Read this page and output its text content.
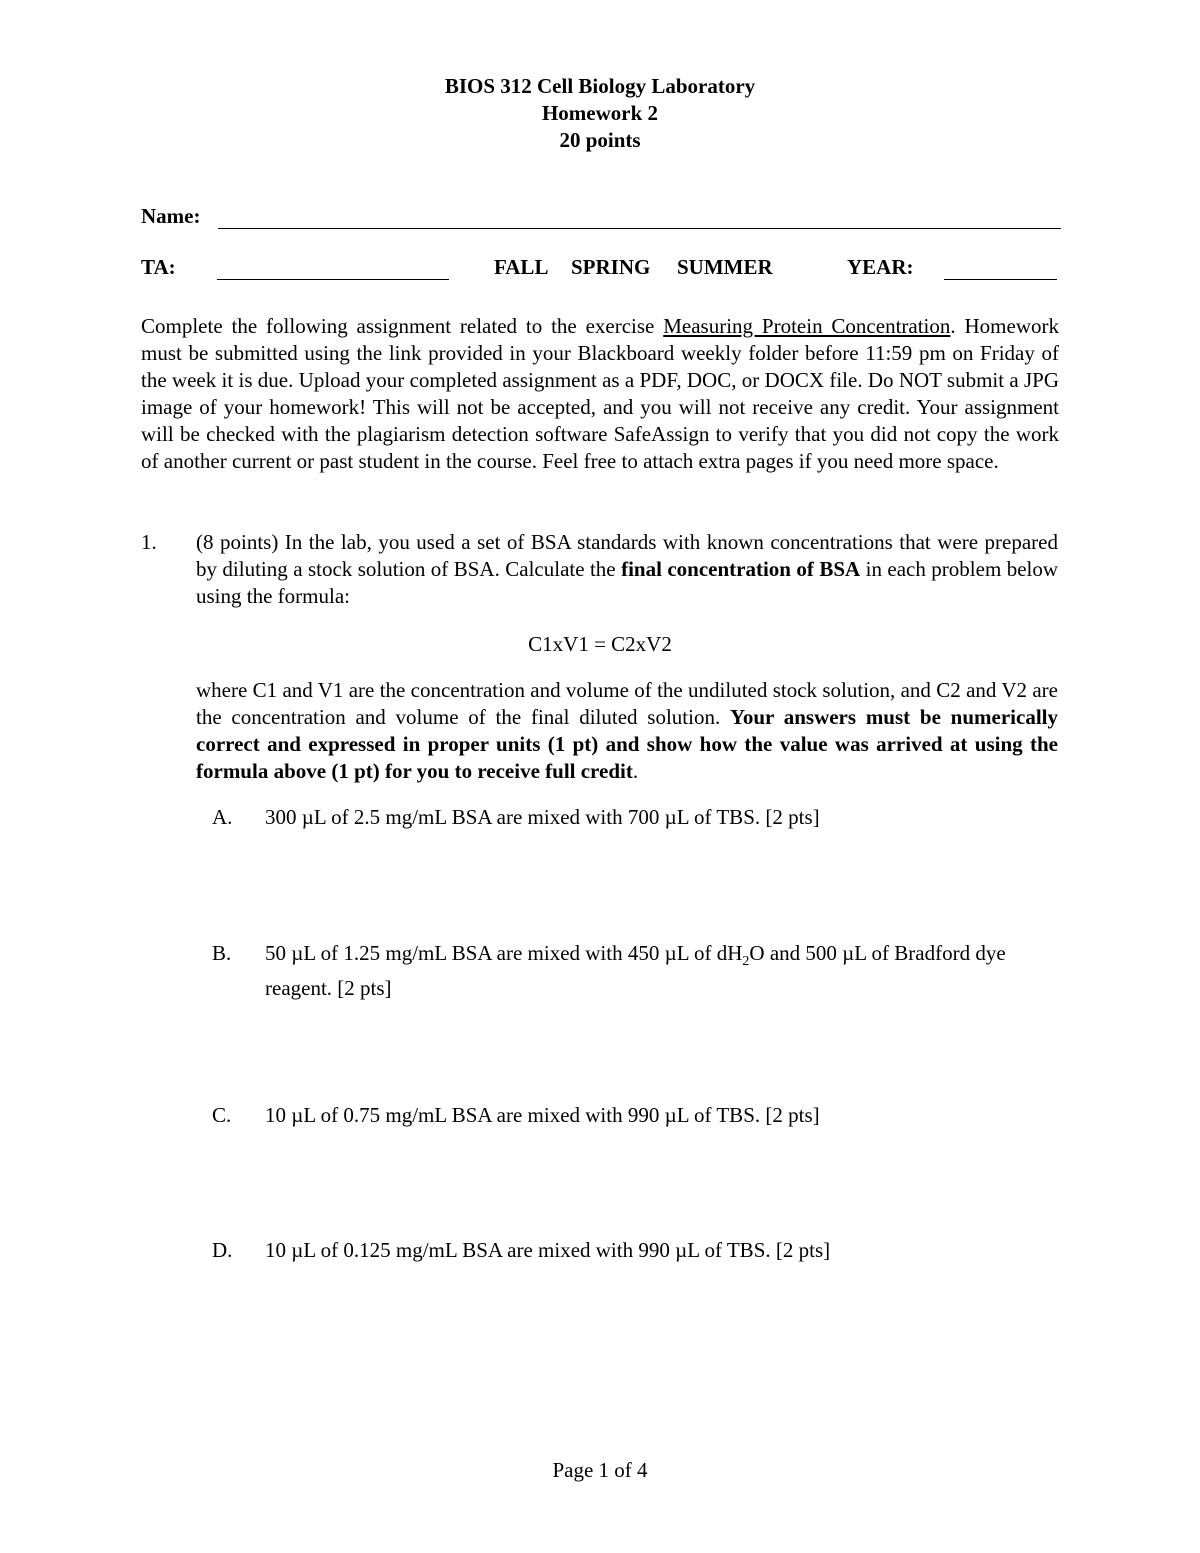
BIOS 312 Cell Biology Laboratory
Homework 2
20 points
Name:
TA:	FALL SPRING SUMMER	YEAR:
Complete the following assignment related to the exercise Measuring Protein Concentration. Homework must be submitted using the link provided in your Blackboard weekly folder before 11:59 pm on Friday of the week it is due. Upload your completed assignment as a PDF, DOC, or DOCX file. Do NOT submit a JPG image of your homework! This will not be accepted, and you will not receive any credit. Your assignment will be checked with the plagiarism detection software SafeAssign to verify that you did not copy the work of another current or past student in the course. Feel free to attach extra pages if you need more space.
1. (8 points) In the lab, you used a set of BSA standards with known concentrations that were prepared by diluting a stock solution of BSA. Calculate the final concentration of BSA in each problem below using the formula:
C1xV1 = C2xV2
where C1 and V1 are the concentration and volume of the undiluted stock solution, and C2 and V2 are the concentration and volume of the final diluted solution. Your answers must be numerically correct and expressed in proper units (1 pt) and show how the value was arrived at using the formula above (1 pt) for you to receive full credit.
A. 300 µL of 2.5 mg/mL BSA are mixed with 700 µL of TBS. [2 pts]
B. 50 µL of 1.25 mg/mL BSA are mixed with 450 µL of $dH_2O$ and 500 µL of Bradford dye reagent. [2 pts]
C. 10 µL of 0.75 mg/mL BSA are mixed with 990 µL of TBS. [2 pts]
D. 10 µL of 0.125 mg/mL BSA are mixed with 990 µL of TBS. [2 pts]
Page 1 of 4
